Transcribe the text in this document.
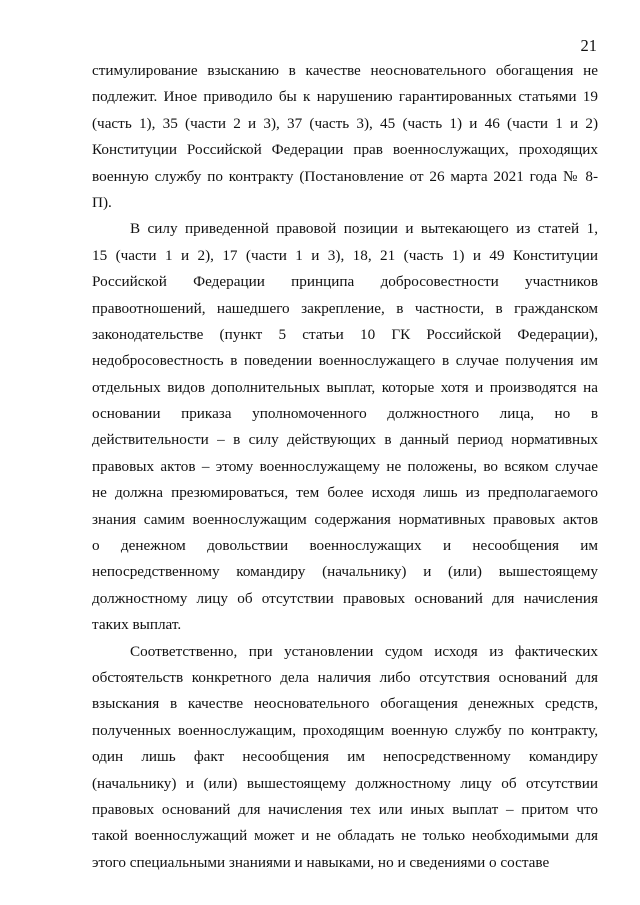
21
стимулирование взысканию в качестве неосновательного обогащения не
подлежит. Иное приводило бы к нарушению гарантированных статьями 19
(часть 1), 35 (части 2 и 3), 37 (часть 3), 45 (часть 1) и 46 (части 1 и 2)
Конституции Российской Федерации прав военнослужащих, проходящих
военную службу по контракту (Постановление от 26 марта 2021 года № 8-
П).
В силу приведенной правовой позиции и вытекающего из статей 1,
15 (части 1 и 2), 17 (части 1 и 3), 18, 21 (часть 1) и 49 Конституции
Российской Федерации принципа добросовестности участников
правоотношений, нашедшего закрепление, в частности, в гражданском
законодательстве (пункт 5 статьи 10 ГК Российской Федерации),
недобросовестность в поведении военнослужащего в случае получения им
отдельных видов дополнительных выплат, которые хотя и производятся на
основании приказа уполномоченного должностного лица, но в
действительности – в силу действующих в данный период нормативных
правовых актов – этому военнослужащему не положены, во всяком случае
не должна презюмироваться, тем более исходя лишь из предполагаемого
знания самим военнослужащим содержания нормативных правовых актов
о денежном довольствии военнослужащих и несообщения им
непосредственному командиру (начальнику) и (или) вышестоящему
должностному лицу об отсутствии правовых оснований для начисления
таких выплат.
Соответственно, при установлении судом исходя из фактических
обстоятельств конкретного дела наличия либо отсутствия оснований для
взыскания в качестве неосновательного обогащения денежных средств,
полученных военнослужащим, проходящим военную службу по контракту,
один лишь факт несообщения им непосредственному командиру
(начальнику) и (или) вышестоящему должностному лицу об отсутствии
правовых оснований для начисления тех или иных выплат – притом что
такой военнослужащий может и не обладать не только необходимыми для
этого специальными знаниями и навыками, но и сведениями о составе
